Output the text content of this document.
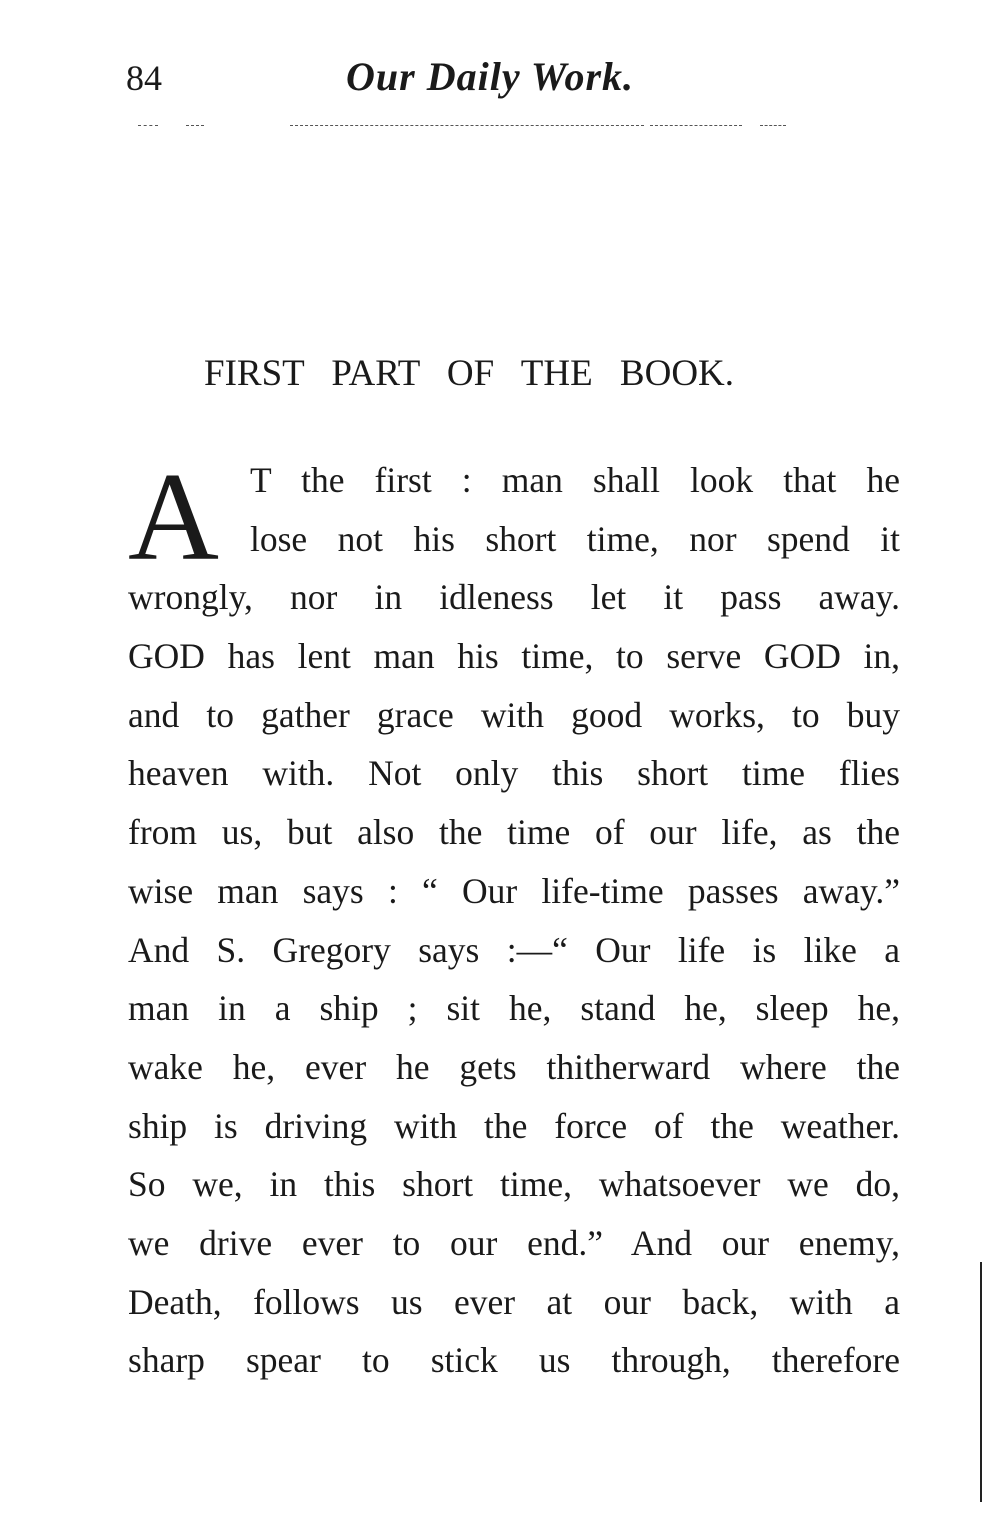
84	Our Daily Work.
FIRST PART OF THE BOOK.
A T the first : man shall look that he
lose not his short time, nor spend it
wrongly, nor in idleness let it pass away.
GOD has lent man his time, to serve GOD in,
and to gather grace with good works, to buy
heaven with. Not only this short time flies
from us, but also the time of our life, as the
wise man says : “ Our life-time passes away.”
And S. Gregory says :—“ Our life is like a
man in a ship ; sit he, stand he, sleep he,
wake he, ever he gets thitherward where the
ship is driving with the force of the weather.
So we, in this short time, whatsoever we do,
we drive ever to our end.” And our enemy,
Death, follows us ever at our back, with a
sharp spear to stick us through, therefore
